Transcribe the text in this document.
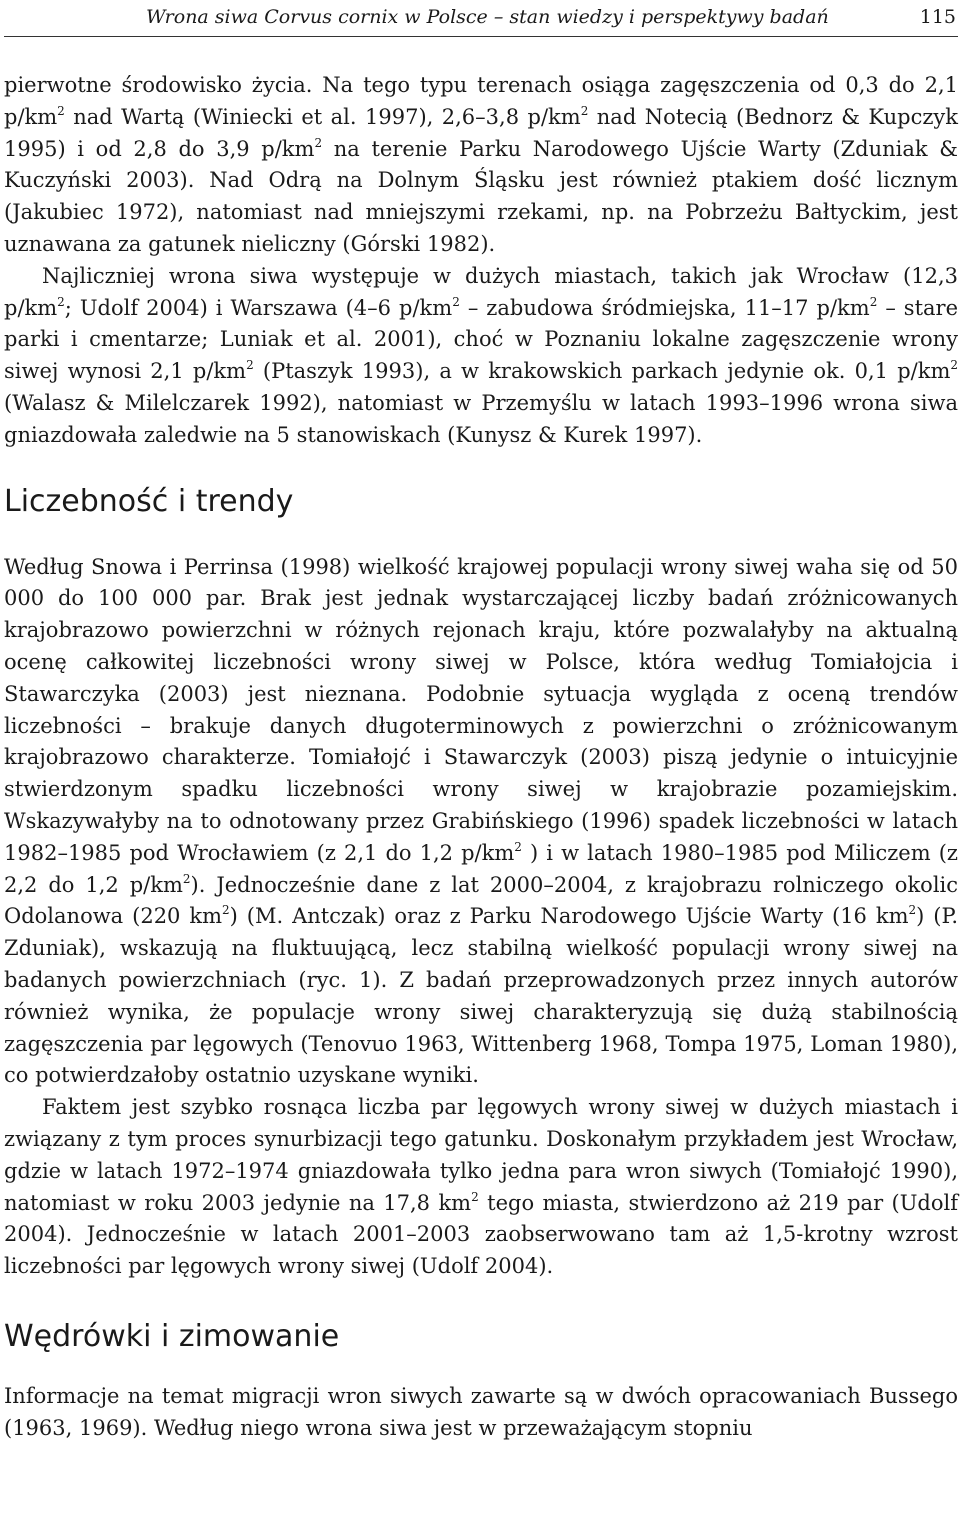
Wrona siwa Corvus cornix w Polsce – stan wiedzy i perspektywy badań	115

pierwotne środowisko życia. Na tego typu terenach osiąga zagęszczenia od 0,3 do 2,1 $p/km^2$ nad Wartą (Winiecki et al. 1997), 2,6–3,8 $p/km^2$ nad Notecią (Bednorz & Kupczyk 1995) i od 2,8 do 3,9 $p/km^2$ na terenie Parku Narodowego Ujście Warty (Zduniak & Kuczyński 2003). Nad Odrą na Dolnym Śląsku jest również ptakiem dość licznym (Jakubiec 1972), natomiast nad mniejszymi rzekami, np. na Pobrzeżu Bałtyckim, jest uznawana za gatunek nieliczny (Górski 1982).

Najliczniej wrona siwa występuje w dużych miastach, takich jak Wrocław (12,3 $p/km^2$; Udolf 2004) i Warszawa (4–6 $p/km^2$ – zabudowa śródmiejska, 11–17 $p/km^2$ – stare parki i cmentarze; Luniak et al. 2001), choć w Poznaniu lokalne zagęszczenie wrony siwej wynosi 2,1 $p/km^2$ (Ptaszyk 1993), a w krakowskich parkach jedynie ok. 0,1 $p/km^2$ (Walasz & Milelczarek 1992), natomiast w Przemyślu w latach 1993–1996 wrona siwa gniazdowała zaledwie na 5 stanowiskach (Kunysz & Kurek 1997).

Liczebność i trendy

Według Snowa i Perrinsa (1998) wielkość krajowej populacji wrony siwej waha się od 50 000 do 100 000 par. Brak jest jednak wystarczającej liczby badań zróżnicowanych krajobrazowo powierzchni w różnych rejonach kraju, które pozwalałyby na aktualną ocenę całkowitej liczebności wrony siwej w Polsce, która według Tomiałojcia i Stawarczyka (2003) jest nieznana. Podobnie sytuacja wygląda z oceną trendów liczebności – brakuje danych długoterminowych z powierzchni o zróżnicowanym krajobrazowo charakterze. Tomiałojć i Stawarczyk (2003) piszą jedynie o intuicyjnie stwierdzonym spadku liczebności wrony siwej w krajobrazie pozamiejskim. Wskazywałyby na to odnotowany przez Grabińskiego (1996) spadek liczebności w latach 1982–1985 pod Wrocławiem (z 2,1 do 1,2 $p/km^2$ ) i w latach 1980–1985 pod Miliczem (z 2,2 do 1,2 $p/km^2$). Jednocześnie dane z lat 2000–2004, z krajobrazu rolniczego okolic Odolanowa (220 $km^2$) (M. Antczak) oraz z Parku Narodowego Ujście Warty (16 $km^2$) (P. Zduniak), wskazują na fluktuującą, lecz stabilną wielkość populacji wrony siwej na badanych powierzchniach (ryc. 1). Z badań przeprowadzonych przez innych autorów również wynika, że populacje wrony siwej charakteryzują się dużą stabilnością zagęszczenia par lęgowych (Tenovuo 1963, Wittenberg 1968, Tompa 1975, Loman 1980), co potwierdzałoby ostatnio uzyskane wyniki.

Faktem jest szybko rosnąca liczba par lęgowych wrony siwej w dużych miastach i związany z tym proces synurbizacji tego gatunku. Doskonałym przykładem jest Wrocław, gdzie w latach 1972–1974 gniazdowała tylko jedna para wron siwych (Tomiałojć 1990), natomiast w roku 2003 jedynie na 17,8 $km^2$ tego miasta, stwierdzono aż 219 par (Udolf 2004). Jednocześnie w latach 2001–2003 zaobserwowano tam aż 1,5-krotny wzrost liczebności par lęgowych wrony siwej (Udolf 2004).

Wędrówki i zimowanie

Informacje na temat migracji wron siwych zawarte są w dwóch opracowaniach Bussego (1963, 1969). Według niego wrona siwa jest w przeważającym stopniu
